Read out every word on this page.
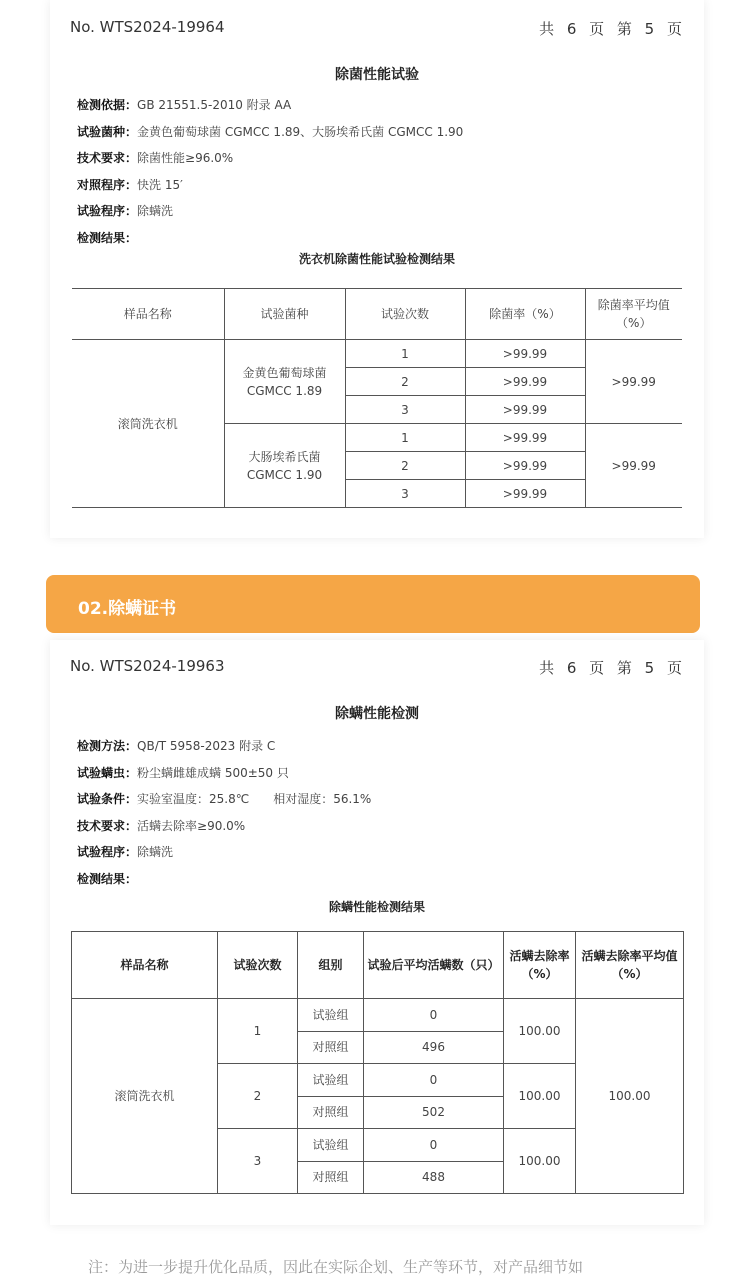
No. WTS2024-19964	共 6 页 第 5 页
除菌性能试验
检测依据：GB 21551.5-2010 附录 AA
试验菌种：金黄色葡萄球菌 CGMCC 1.89、大肠埃希氏菌 CGMCC 1.90
技术要求：除菌性能≥96.0%
对照程序：快洗 15′
试验程序：除螨洗
检测结果：
洗衣机除菌性能试验检测结果
样品名称	试验菌种	试验次数	除菌率（%）	除菌率平均值（%）
滚筒洗衣机	金黄色葡萄球菌 CGMCC 1.89	1	>99.99	>99.99
		2	>99.99	
		3	>99.99	
	大肠埃希氏菌 CGMCC 1.90	1	>99.99	>99.99
		2	>99.99	
		3	>99.99	
02.除螨证书
No. WTS2024-19963	共 6 页 第 5 页
除螨性能检测
检测方法：QB/T 5958-2023 附录 C
试验螨虫：粉尘螨雌雄成螨 500±50 只
试验条件：实验室温度：25.8℃　　相对湿度：56.1%
技术要求：活螨去除率≥90.0%
试验程序：除螨洗
检测结果：
除螨性能检测结果
样品名称	试验次数	组别	试验后平均活螨数（只）	活螨去除率（%）	活螨去除率平均值（%）
滚筒洗衣机	1	试验组	0	100.00	100.00
		对照组	496		
	2	试验组	0	100.00	
		对照组	502		
	3	试验组	0	100.00	
		对照组	488		
注：为进一步提升优化品质，因此在实际企划、生产等环节，对产品细节如
